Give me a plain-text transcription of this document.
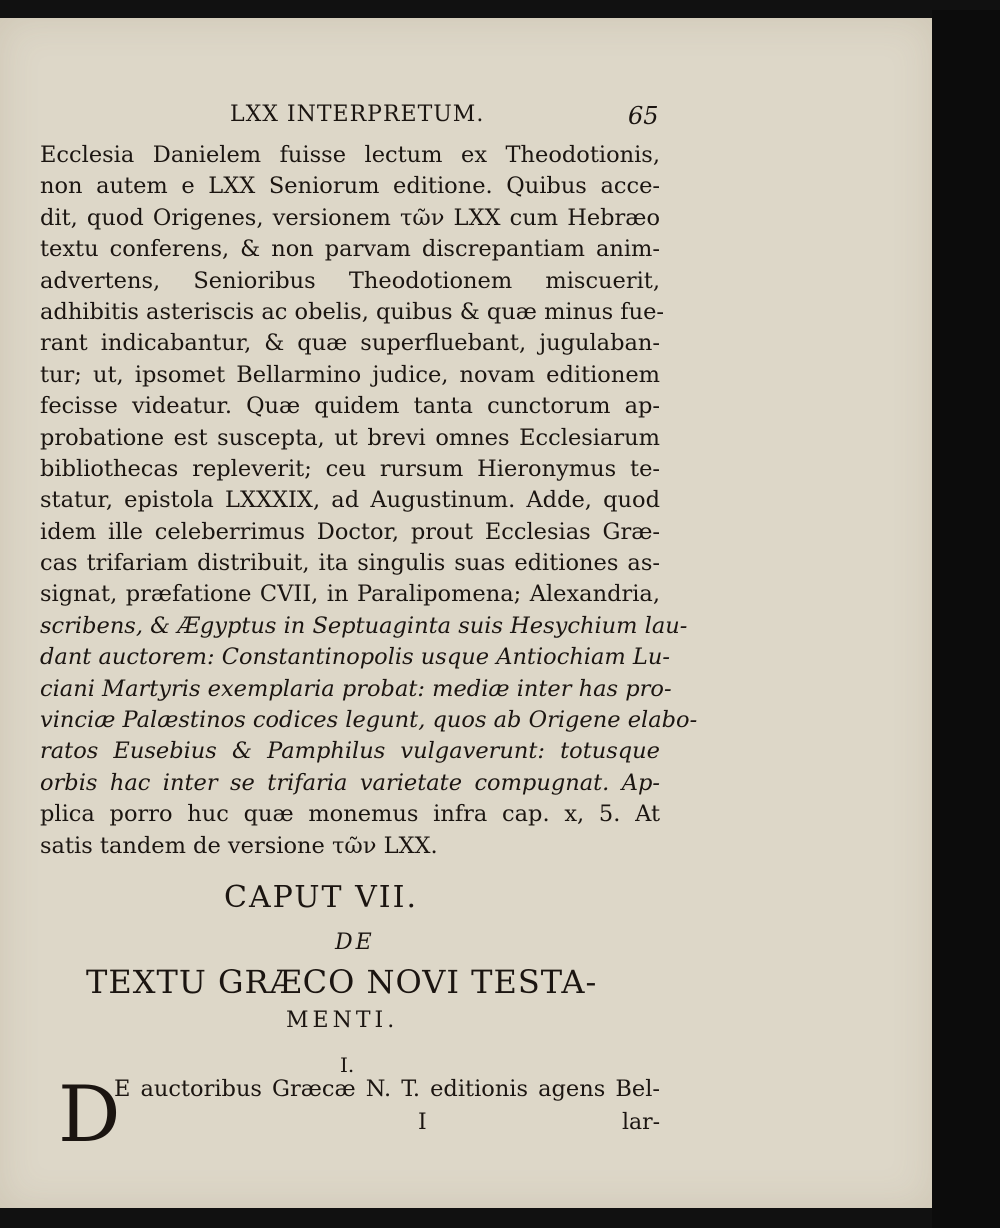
LXX INTERPRETUM.	65
Ecclesia Danielem fuisse lectum ex Theodotionis,
non autem e LXX Seniorum editione. Quibus acce-
dit, quod Origenes, versionem τῶν LXX cum Hebræo
textu conferens, & non parvam discrepantiam anim-
advertens, Senioribus Theodotionem miscuerit,
adhibitis asteriscis ac obelis, quibus & quæ minus fue-
rant indicabantur, & quæ superfluebant, jugulaban-
tur; ut, ipsomet Bellarmino judice, novam editionem
fecisse videatur. Quæ quidem tanta cunctorum ap-
probatione est suscepta, ut brevi omnes Ecclesiarum
bibliothecas repleverit; ceu rursum Hieronymus te-
statur, epistola LXXXIX, ad Augustinum. Adde, quod
idem ille celeberrimus Doctor, prout Ecclesias Græ-
cas trifariam distribuit, ita singulis suas editiones as-
signat, præfatione CVII, in Paralipomena; Alexandria,
scribens, & Ægyptus in Septuaginta suis Hesychium lau-
dant auctorem: Constantinopolis usque Antiochiam Lu-
ciani Martyris exemplaria probat: mediæ inter has pro-
vinciæ Palæstinos codices legunt, quos ab Origene elabo-
ratos Eusebius & Pamphilus vulgaverunt: totusque
orbis hac inter se trifaria varietate compugnat. Ap-
plica porro huc quæ monemus infra cap. x, 5. At
satis tandem de versione τῶν LXX.
CAPUT VII.
DE
TEXTU GRÆCO NOVI TESTA-
MENTI.
I.
D
E auctoribus Græcæ N. T. editionis agens Bel-
I	lar-
